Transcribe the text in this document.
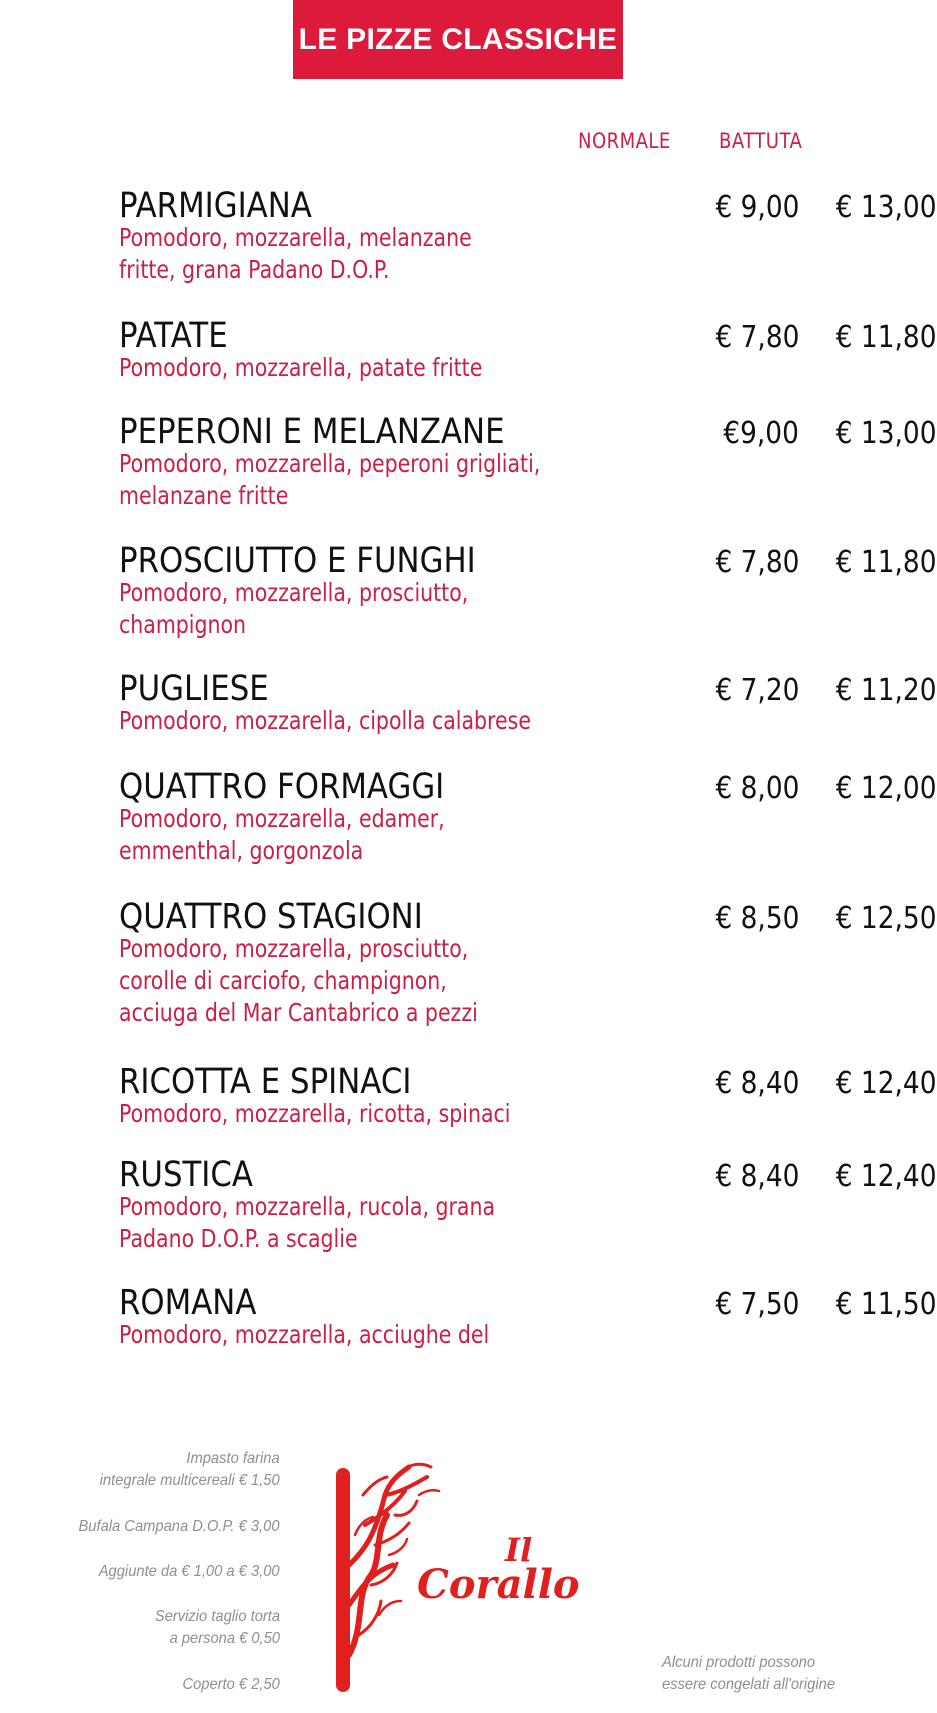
LE PIZZE CLASSICHE
NORMALE BATTUTA
PARMIGIANA
Pomodoro, mozzarella, melanzane
fritte, grana Padano D.O.P.
€ 9,00 € 13,00
PATATE
Pomodoro, mozzarella, patate fritte
€ 7,80 € 11,80
PEPERONI E MELANZANE
Pomodoro, mozzarella, peperoni grigliati,
melanzane fritte
€9,00 € 13,00
PROSCIUTTO E FUNGHI
Pomodoro, mozzarella, prosciutto,
champignon
€ 7,80 € 11,80
PUGLIESE
Pomodoro, mozzarella, cipolla calabrese
€ 7,20 € 11,20
QUATTRO FORMAGGI
Pomodoro, mozzarella, edamer,
emmenthal, gorgonzola
€ 8,00 € 12,00
QUATTRO STAGIONI
Pomodoro, mozzarella, prosciutto,
corolle di carciofo, champignon,
acciuga del Mar Cantabrico a pezzi
€ 8,50 € 12,50
RICOTTA E SPINACI
Pomodoro, mozzarella, ricotta, spinaci
€ 8,40 € 12,40
RUSTICA
Pomodoro, mozzarella, rucola, grana
Padano D.O.P. a scaglie
€ 8,40 € 12,40
ROMANA
Pomodoro, mozzarella, acciughe del
€ 7,50 € 11,50
Impasto farina
integrale multicereali € 1,50
Bufala Campana D.O.P. € 3,00
Aggiunte da € 1,00 a € 3,00
Servizio taglio torta
a persona € 0,50
Coperto € 2,50
Il
Corallo
Alcuni prodotti possono
essere congelati all'origine
